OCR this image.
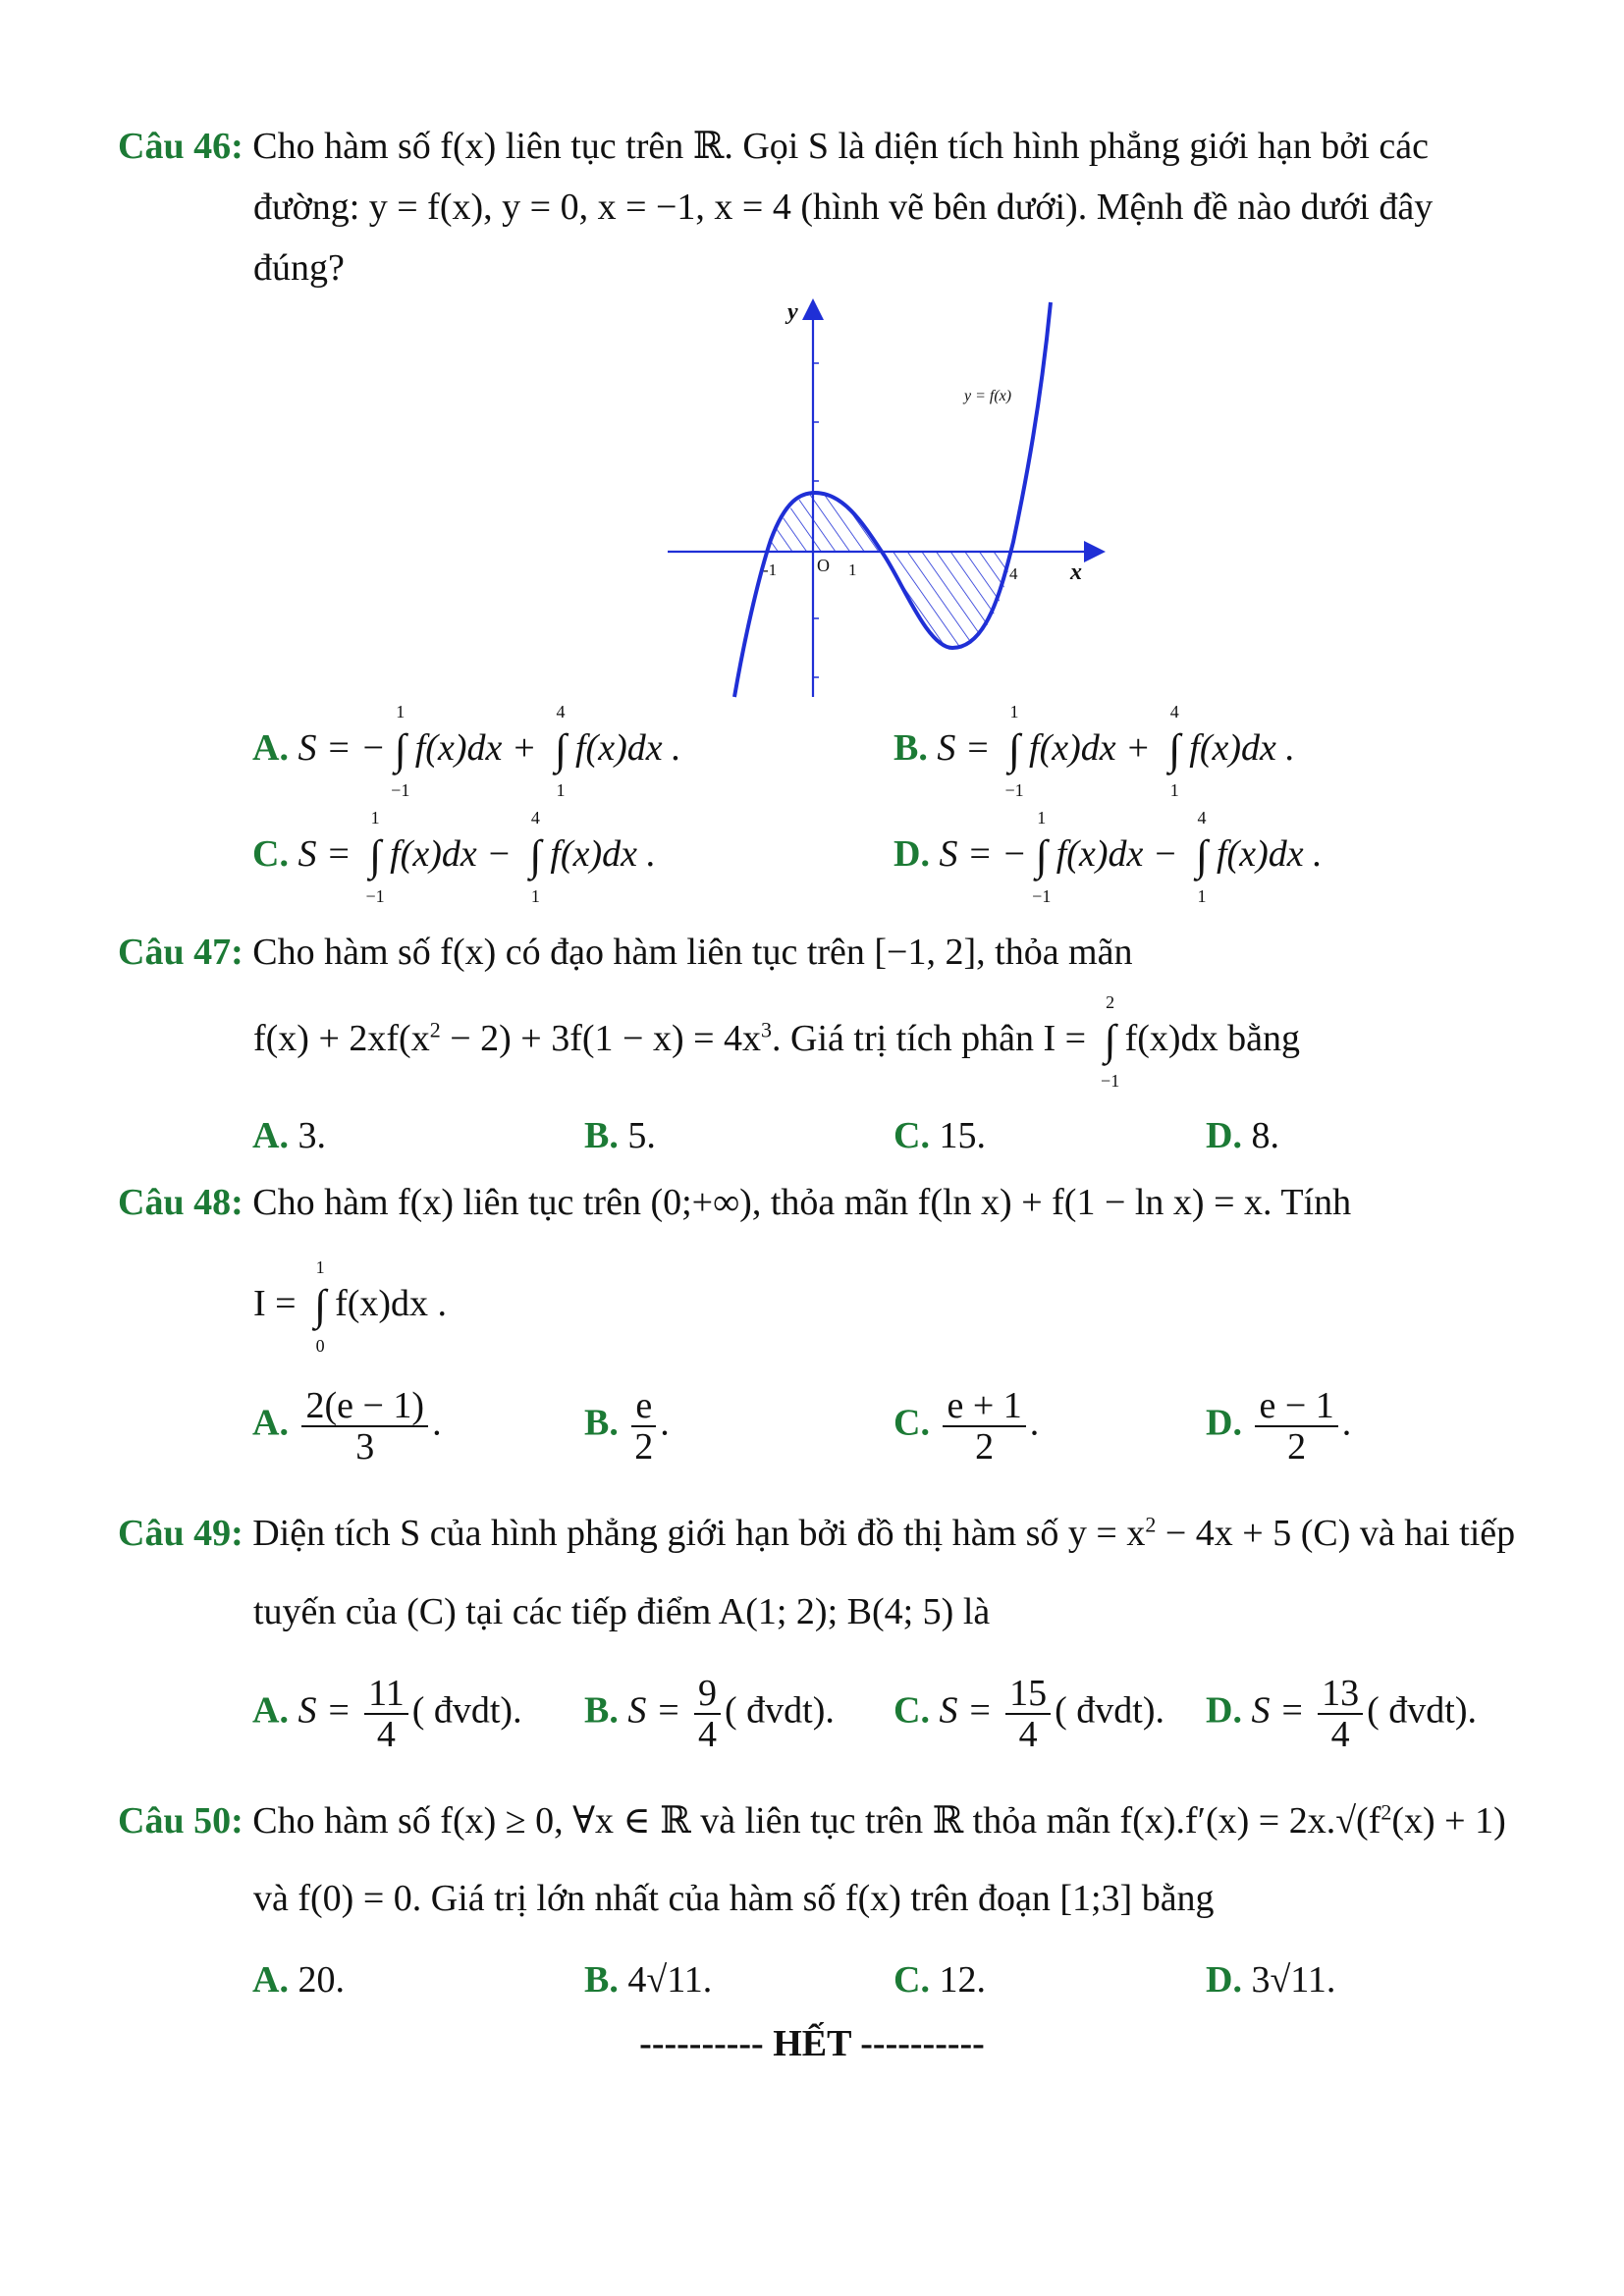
Câu 46: Cho hàm số f(x) liên tục trên ℝ. Gọi S là diện tích hình phẳng giới hạn bởi các
đường: y = f(x), y = 0, x = −1, x = 4 (hình vẽ bên dưới). Mệnh đề nào dưới đây
đúng?
y
x
O
-1	1	4
y = f(x)
A. S = −
1
∫
−1
f(x)dx +
4
∫
1
f(x)dx .	B. S =
1
∫
−1
f(x)dx +
4
∫
1
f(x)dx .
C. S =
1
∫
−1
f(x)dx −
4
∫
1
f(x)dx .	D. S = −
1
∫
−1
f(x)dx −
4
∫
1
f(x)dx .
Câu 47: Cho hàm số f(x) có đạo hàm liên tục trên [−1, 2], thỏa mãn
$f(x) + 2xf(x^2 - 2) + 3f(1 - x) = 4x^3$. Giá trị tích phân I =
2
∫
−1
f(x)dx bằng
A. 3.	B. 5.	C. 15.	D. 8.
Câu 48: Cho hàm f(x) liên tục trên (0;+∞), thỏa mãn f(ln x) + f(1 − ln x) = x. Tính
I =
1
∫
0
f(x)dx .
A. $\frac{2(e - 1)}{3}$ .	B. $\frac{e}{2}$ .	C. $\frac{e + 1}{2}$ .	D. $\frac{e - 1}{2}$ .
Câu 49: Diện tích S của hình phẳng giới hạn bởi đồ thị hàm số $y = x^2 - 4x + 5$ (C) và hai tiếp
tuyến của (C) tại các tiếp điểm A(1; 2); B(4; 5) là
A. $S = \frac{11}{4}$ ( đvdt). B. $S = \frac{9}{4}$ ( đvdt). C. $S = \frac{15}{4}$ ( đvdt). D. $S = \frac{13}{4}$ ( đvdt).
Câu 50: Cho hàm số f(x) ≥ 0, ∀x ∈ ℝ và liên tục trên ℝ thỏa mãn $f(x).f'(x) = 2x.√(f^2(x) + 1)$
và f(0) = 0. Giá trị lớn nhất của hàm số f(x) trên đoạn [1;3] bằng
A. 20.	B. 4√11.	C. 12.	D. 3√11.
---------- HẾT ----------
